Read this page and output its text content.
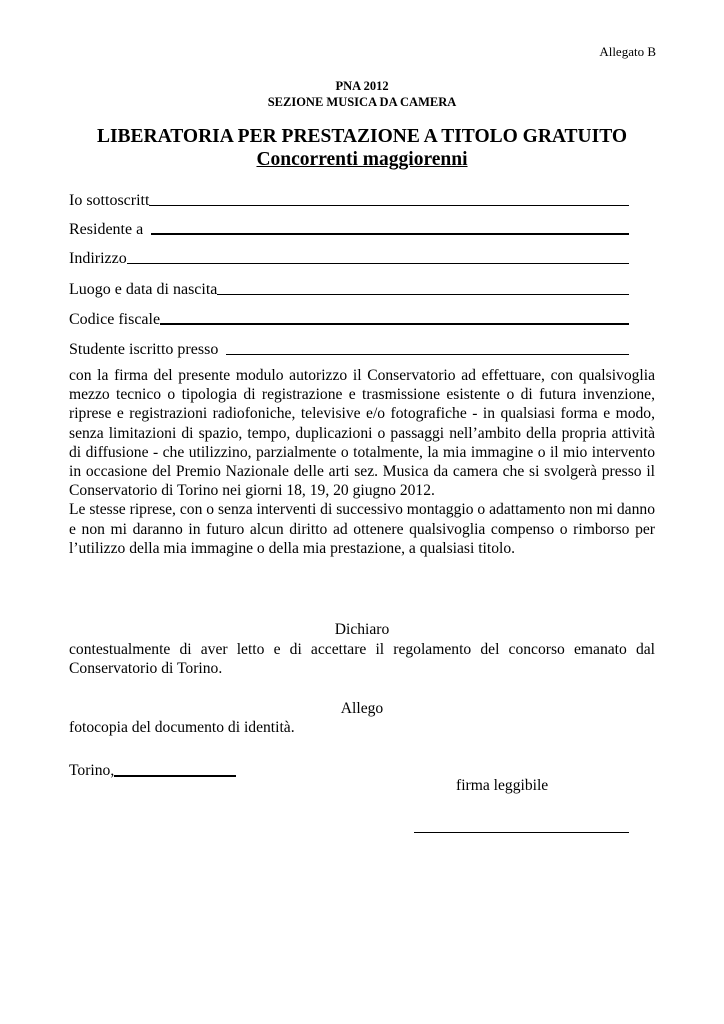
Allegato B
PNA 2012
SEZIONE MUSICA DA CAMERA
LIBERATORIA PER PRESTAZIONE A TITOLO GRATUITO
Concorrenti maggiorenni
Io sottoscritt
Residente a
Indirizzo
Luogo e data di nascita
Codice fiscale
Studente iscritto presso

con la firma del presente modulo autorizzo il Conservatorio ad effettuare, con qualsivoglia mezzo tecnico o tipologia di registrazione e trasmissione esistente o di futura invenzione, riprese e registrazioni radiofoniche, televisive e/o fotografiche - in qualsiasi forma e modo, senza limitazioni di spazio, tempo, duplicazioni o passaggi nell’ambito della propria attività di diffusione - che utilizzino, parzialmente o totalmente, la mia immagine o il mio intervento in occasione del Premio Nazionale delle arti sez. Musica da camera che si svolgerà presso il Conservatorio di Torino nei giorni 18, 19, 20 giugno 2012.

Le stesse riprese, con o senza interventi di successivo montaggio o adattamento non mi danno e non mi daranno in futuro alcun diritto ad ottenere qualsivoglia compenso o rimborso per l’utilizzo della mia immagine o della mia prestazione, a qualsiasi titolo.

Dichiaro

contestualmente di aver letto e di accettare il regolamento del concorso emanato dal Conservatorio di Torino.

Allego
fotocopia del documento di identità.
Torino,
firma leggibile
